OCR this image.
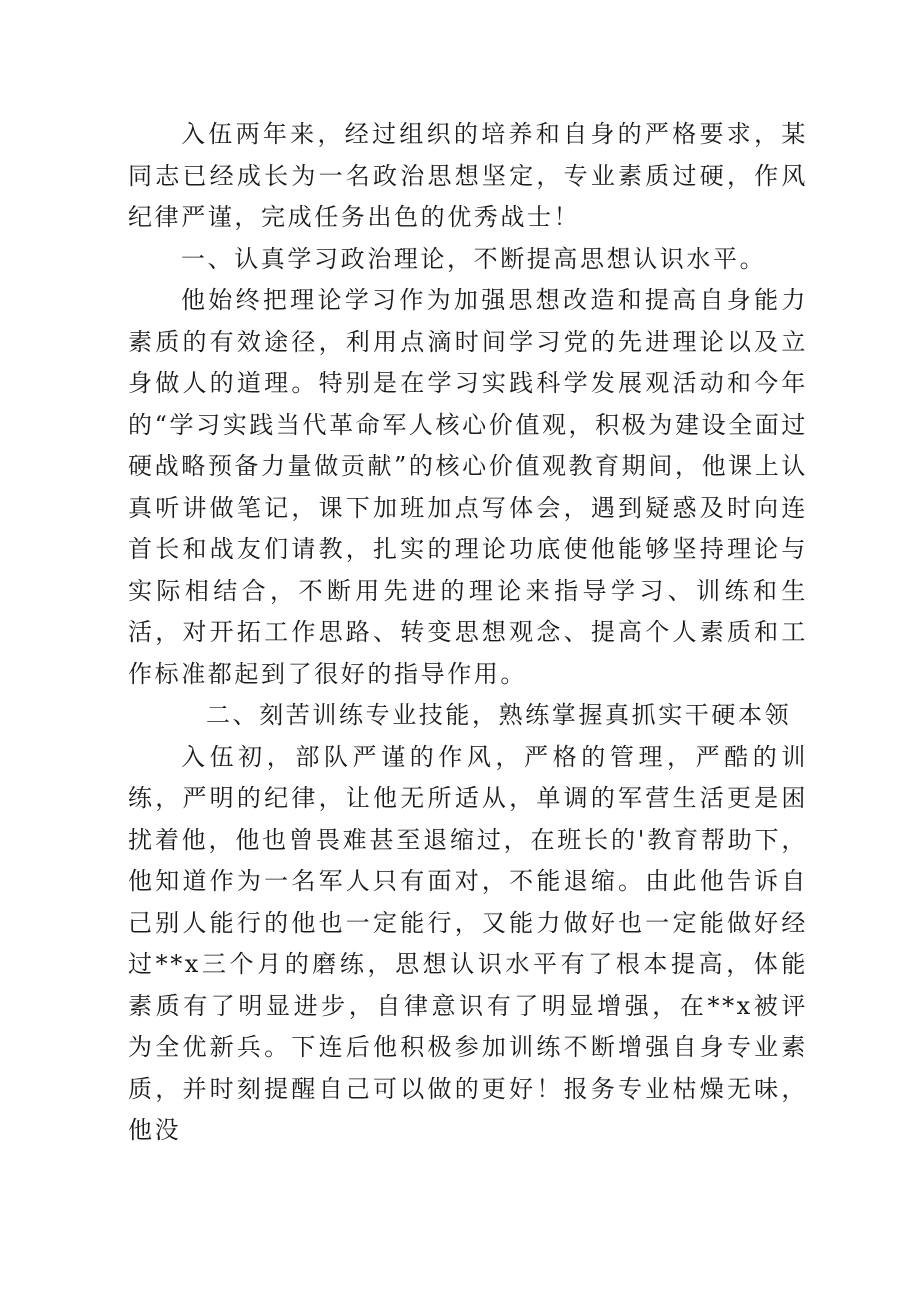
入伍两年来，经过组织的培养和自身的严格要求，某同志已经成长为一名政治思想坚定，专业素质过硬，作风纪律严谨，完成任务出色的优秀战士！

一、认真学习政治理论，不断提高思想认识水平。

他始终把理论学习作为加强思想改造和提高自身能力素质的有效途径，利用点滴时间学习党的先进理论以及立身做人的道理。特别是在学习实践科学发展观活动和今年的“学习实践当代革命军人核心价值观，积极为建设全面过硬战略预备力量做贡献”的核心价值观教育期间，他课上认真听讲做笔记，课下加班加点写体会，遇到疑惑及时向连首长和战友们请教，扎实的理论功底使他能够坚持理论与实际相结合，不断用先进的理论来指导学习、训练和生活，对开拓工作思路、转变思想观念、提高个人素质和工作标准都起到了很好的指导作用。

二、刻苦训练专业技能，熟练掌握真抓实干硬本领

入伍初，部队严谨的作风，严格的管理，严酷的训练，严明的纪律，让他无所适从，单调的军营生活更是困扰着他，他也曾畏难甚至退缩过，在班长的'教育帮助下，他知道作为一名军人只有面对，不能退缩。由此他告诉自己别人能行的他也一定能行，又能力做好也一定能做好经过**x三个月的磨练，思想认识水平有了根本提高，体能素质有了明显进步，自律意识有了明显增强，在**x被评为全优新兵。下连后他积极参加训练不断增强自身专业素质，并时刻提醒自己可以做的更好！报务专业枯燥无味，他没
